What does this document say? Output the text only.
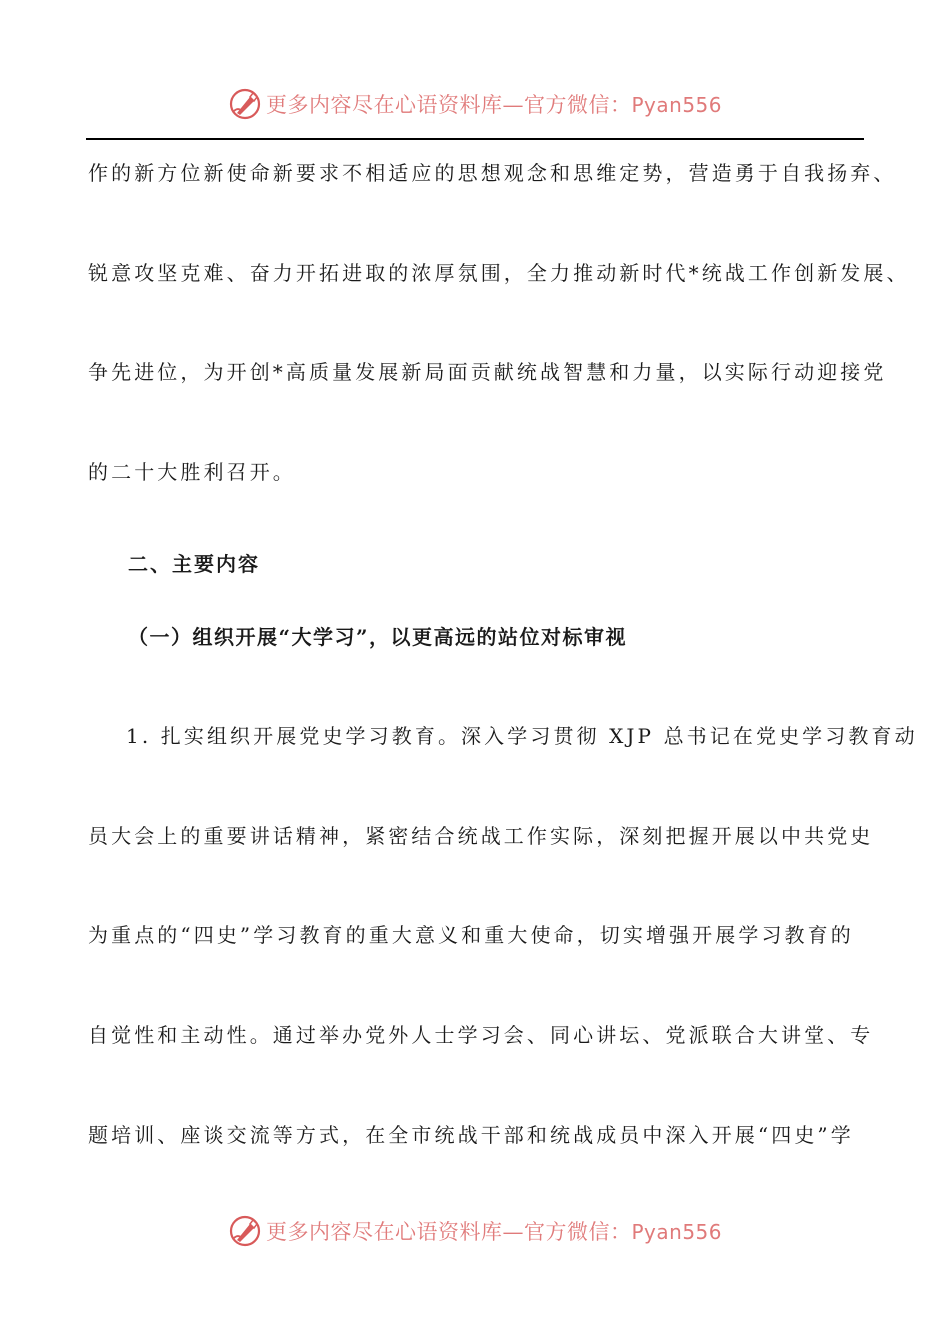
更多内容尽在心语资料库—官方微信：Pyan556
作的新方位新使命新要求不相适应的思想观念和思维定势，营造勇于自我扬弃、
锐意攻坚克难、奋力开拓进取的浓厚氛围，全力推动新时代*统战工作创新发展、
争先进位，为开创*高质量发展新局面贡献统战智慧和力量，以实际行动迎接党
的二十大胜利召开。
二、主要内容
（一）组织开展“大学习”，以更高远的站位对标审视
1. 扎实组织开展党史学习教育。深入学习贯彻 XJP 总书记在党史学习教育动
员大会上的重要讲话精神，紧密结合统战工作实际，深刻把握开展以中共党史
为重点的“四史”学习教育的重大意义和重大使命，切实增强开展学习教育的
自觉性和主动性。通过举办党外人士学习会、同心讲坛、党派联合大讲堂、专
题培训、座谈交流等方式，在全市统战干部和统战成员中深入开展“四史”学
更多内容尽在心语资料库—官方微信：Pyan556
